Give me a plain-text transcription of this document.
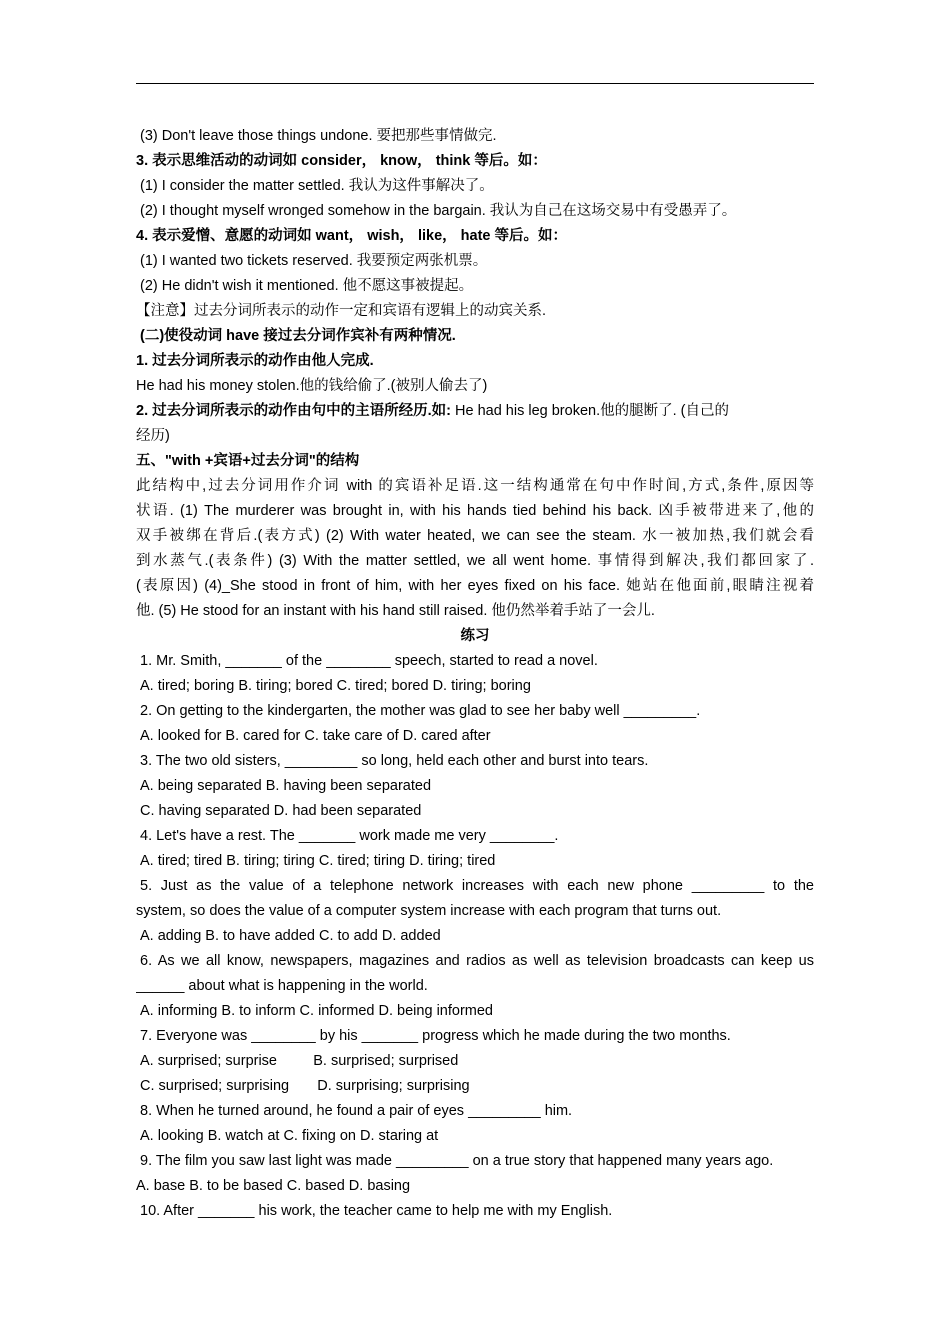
(3) Don't leave those things undone. 要把那些事情做完.
3. 表示思维活动的动词如 consider， know， think 等后。如：
(1) I consider the matter settled. 我认为这件事解决了。
(2) I thought myself wronged somehow in the bargain. 我认为自己在这场交易中有受愚弄了。
4. 表示爱憎、意愿的动词如 want， wish， like， hate 等后。如：
(1) I wanted two tickets reserved. 我要预定两张机票。
(2) He didn't wish it mentioned. 他不愿这事被提起。
【注意】过去分词所表示的动作一定和宾语有逻辑上的动宾关系.
(二)使役动词 have 接过去分词作宾补有两种情况.
1. 过去分词所表示的动作由他人完成.
He had his money stolen.他的钱给偷了.(被别人偷去了)
2. 过去分词所表示的动作由句中的主语所经历.如: He had his leg broken.他的腿断了. (自己的
经历)
五、"with +宾语+过去分词"的结构
此结构中,过去分词用作介词 with 的宾语补足语.这一结构通常在句中作时间,方式,条件,原因等
状语. (1) The murderer was brought in, with his hands tied behind his back. 凶手被带进来了,他的
双手被绑在背后.(表方式) (2) With water heated, we can see the steam. 水一被加热,我们就会看
到水蒸气.(表条件) (3) With the matter settled, we all went home. 事情得到解决,我们都回家了.
(表原因) (4)_She stood in front of him, with her eyes fixed on his face. 她站在他面前,眼睛注视着
他. (5) He stood for an instant with his hand still raised. 他仍然举着手站了一会儿.
练习
1. Mr. Smith, _______ of the ________ speech, started to read a novel.
A. tired; boring B. tiring; bored C. tired; bored D. tiring; boring
2. On getting to the kindergarten, the mother was glad to see her baby well _________.
A. looked for B. cared for C. take care of D. cared after
3. The two old sisters, _________ so long, held each other and burst into tears.
A. being separated B. having been separated
C. having separated D. had been separated
4. Let's have a rest. The _______ work made me very ________.
A. tired; tired B. tiring; tiring C. tired; tiring D. tiring; tired
5. Just as the value of a telephone network increases with each new phone _________ to the
system, so does the value of a computer system increase with each program that turns out.
A. adding B. to have added C. to add D. added
6. As we all know, newspapers, magazines and radios as well as television broadcasts can keep us
______ about what is happening in the world.
A. informing B. to inform C. informed D. being informed
7. Everyone was ________ by his _______ progress which he made during the two months.
A. surprised; surprise         B. surprised; surprised
C. surprised; surprising       D. surprising; surprising
8. When he turned around, he found a pair of eyes _________ him.
A. looking B. watch at C. fixing on D. staring at
9. The film you saw last light was made _________ on a true story that happened many years ago.
A. base B. to be based C. based D. basing
10. After _______ his work, the teacher came to help me with my English.
